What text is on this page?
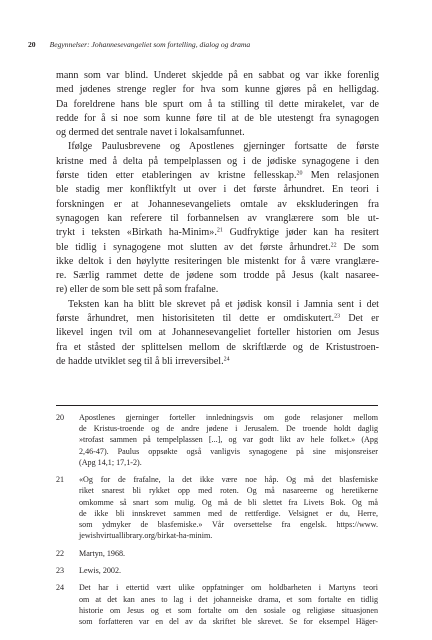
20 Begynnelser: Johannesevangeliet som fortelling, dialog og drama
mann som var blind. Underet skjedde på en sabbat og var ikke forenlig
med jødenes strenge regler for hva som kunne gjøres på en helligdag.
Da foreldrene hans ble spurt om å ta stilling til dette mirakelet, var de
redde for å si noe som kunne føre til at de ble utestengt fra synagogen
og dermed det sentrale navet i lokalsamfunnet.
Ifølge Paulusbrevene og Apostlenes gjerninger fortsatte de første
kristne med å delta på tempelplassen og i de jødiske synagogene i den
første tiden etter etableringen av kristne fellesskap.$^{20}$ Men relasjonen
ble stadig mer konfliktfylt ut over i det første århundret. En teori i
forskningen er at Johannesevangeliets omtale av ekskluderingen fra
synagogen kan referere til forbannelsen av vranglærere som ble ut-
trykt i teksten «Birkath ha-Minim».$^{21}$ Gudfryktige jøder kan ha resitert
ble tidlig i synagogene mot slutten av det første århundret.$^{22}$ De som
ikke deltok i den høylytte resiteringen ble mistenkt for å være vranglære-
re. Særlig rammet dette de jødene som trodde på Jesus (kalt nasaree-
re) eller de som ble sett på som frafalne.
Teksten kan ha blitt ble skrevet på et jødisk konsil i Jamnia sent i det
første århundret, men historisiteten til dette er omdiskutert.$^{23}$ Det er
likevel ingen tvil om at Johannesevangeliet forteller historien om Jesus
fra et ståsted der splittelsen mellom de skriftlærde og de Kristustroen-
de hadde utviklet seg til å bli irreversibel.$^{24}$
20	Apostlenes gjerninger forteller innledningsvis om gode relasjoner mellom
de Kristus-troende og de andre jødene i Jerusalem. De troende holdt daglig
»trofast sammen på tempelplassen [...], og var godt likt av hele folket.» (Apg
2,46-47). Paulus oppsøkte også vanligvis synagogene på sine misjonsreiser
(Apg 14,1; 17,1-2).
21	«Og for de frafalne, la det ikke være noe håp. Og må det blasfemiske
riket snarest bli rykket opp med roten. Og må nasareerne og heretikerne
omkomme så snart som mulig. Og må de bli slettet fra Livets Bok. Og må
de ikke bli innskrevet sammen med de rettferdige. Velsignet er du, Herre,
som ydmyker de blasfemiske.» Vår oversettelse fra engelsk. https://www.
jewishvirtuallibrary.org/birkat-ha-minim.
22	Martyn, 1968.
23	Lewis, 2002.
24	Det har i ettertid vært ulike oppfatninger om holdbarheten i Martyns teori
om at det kan anes to lag i det johanneiske drama, et som fortalte en tidlig
historie om Jesus og et som fortalte om den sosiale og religiøse situasjonen
som forfatteren var en del av da skriftet ble skrevet. Se for eksempel Häger-
